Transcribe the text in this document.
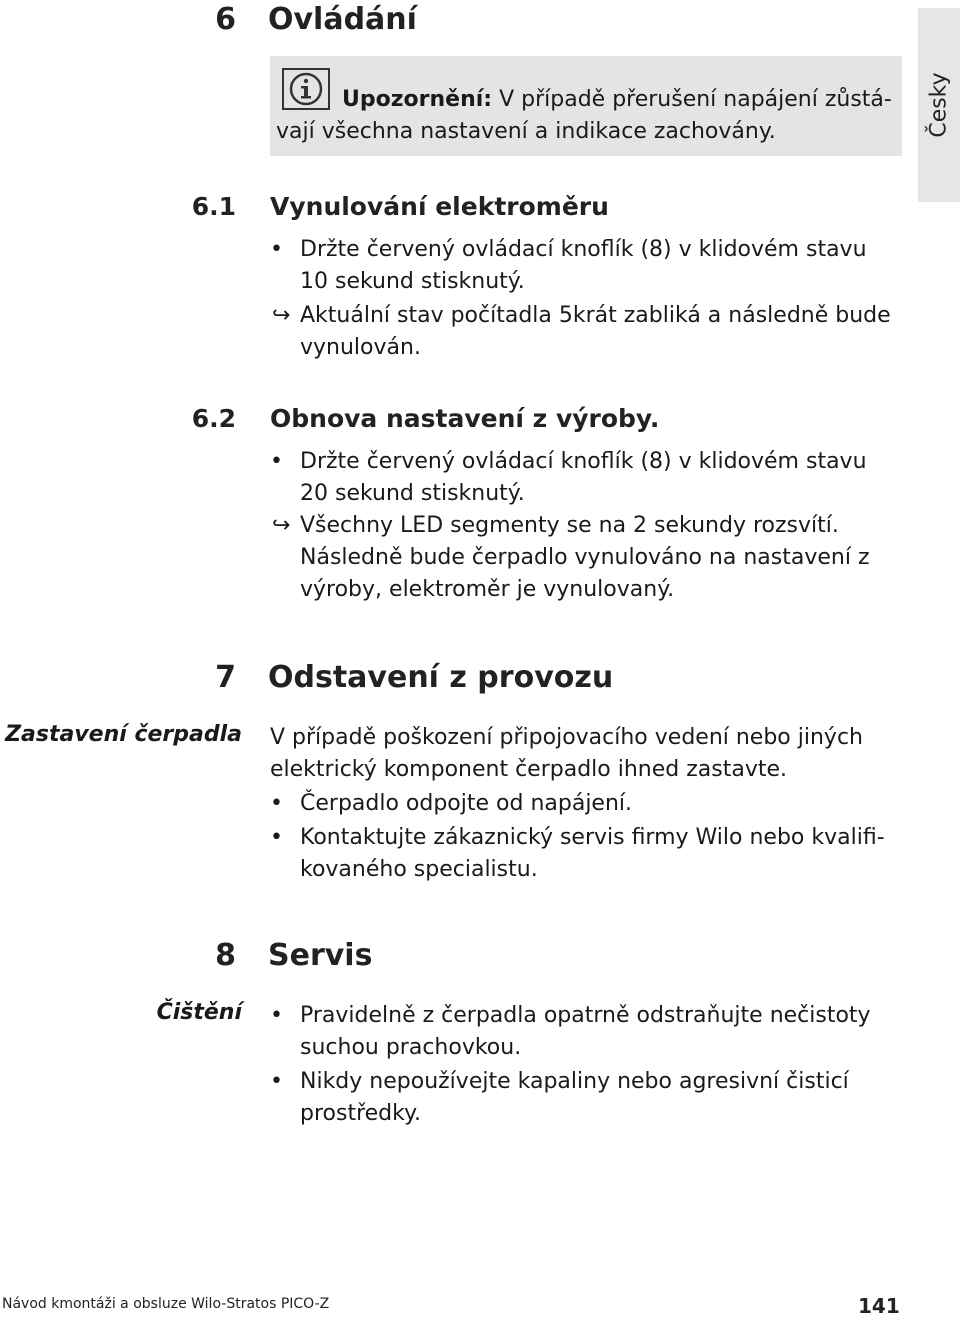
Česky
6 Ovládání
Upozornění: V případě přerušení napájení zůstá-
vají všechna nastavení a indikace zachovány.
6.1 Vynulování elektroměru
• Držte červený ovládací knoflík (8) v klidovém stavu
10 sekund stisknutý.
↪ Aktuální stav počítadla 5krát zabliká a následně bude
vynulován.
6.2 Obnova nastavení z výroby.
• Držte červený ovládací knoflík (8) v klidovém stavu
20 sekund stisknutý.
↪ Všechny LED segmenty se na 2 sekundy rozsvítí.
Následně bude čerpadlo vynulováno na nastavení z
výroby, elektroměr je vynulovaný.
7 Odstavení z provozu
Zastavení čerpadla V případě poškození připojovacího vedení nebo jiných
elektrický komponent čerpadlo ihned zastavte.
• Čerpadlo odpojte od napájení.
• Kontaktujte zákaznický servis firmy Wilo nebo kvalifi-
kovaného specialistu.
8 Servis
Čištění • Pravidelně z čerpadla opatrně odstraňujte nečistoty
suchou prachovkou.
• Nikdy nepoužívejte kapaliny nebo agresivní čisticí
prostředky.
Návod kmontáži a obsluze Wilo-Stratos PICO-Z	141
